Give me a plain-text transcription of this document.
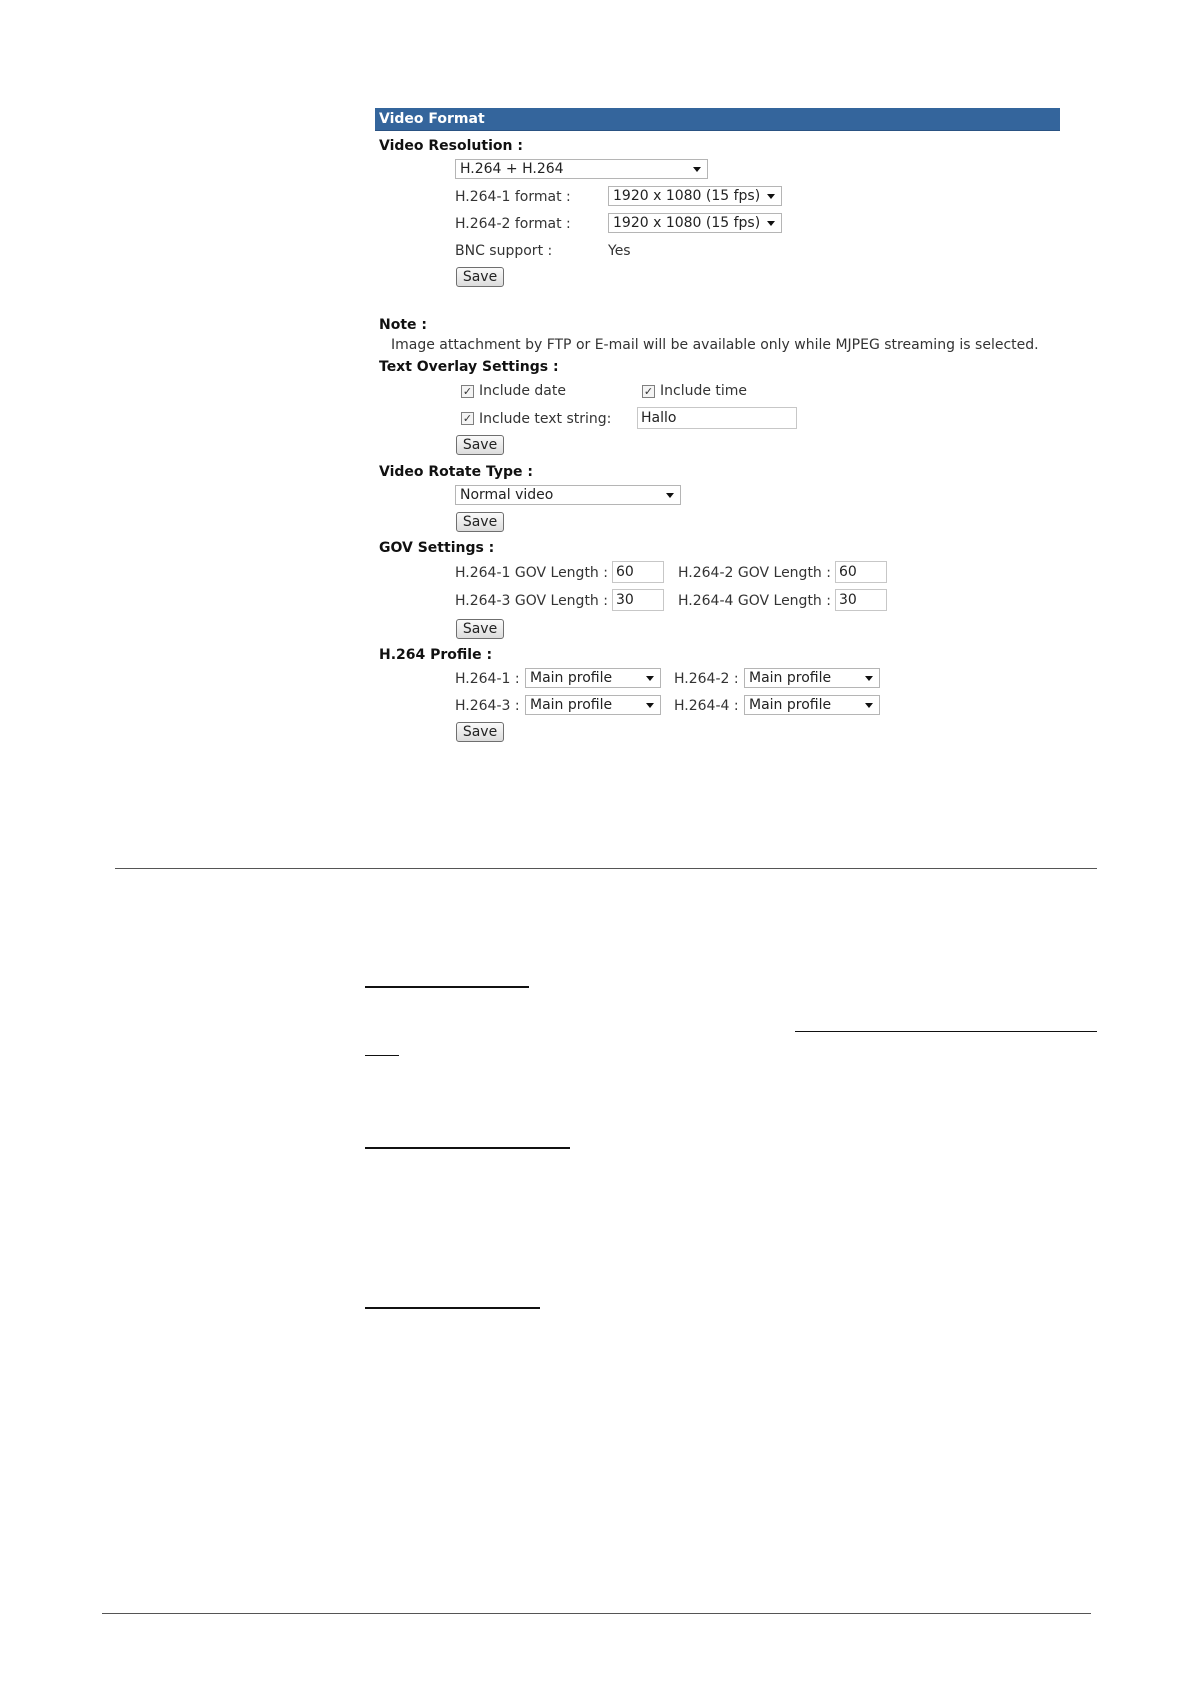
Video Format
Video Resolution :
H.264 + H.264
H.264-1 format :	1920 x 1080 (15 fps)
H.264-2 format :	1920 x 1080 (15 fps)
BNC support :	Yes
Save
Note :
Image attachment by FTP or E-mail will be available only while MJPEG streaming is selected.
Text Overlay Settings :
✓ Include date	✓ Include time
✓ Include text string: Hallo
Save
Video Rotate Type :
Normal video
Save
GOV Settings :
H.264-1 GOV Length : 60	H.264-2 GOV Length : 60
H.264-3 GOV Length : 30	H.264-4 GOV Length : 30
Save
H.264 Profile :
H.264-1 : Main profile	H.264-2 : Main profile
H.264-3 : Main profile	H.264-4 : Main profile
Save
